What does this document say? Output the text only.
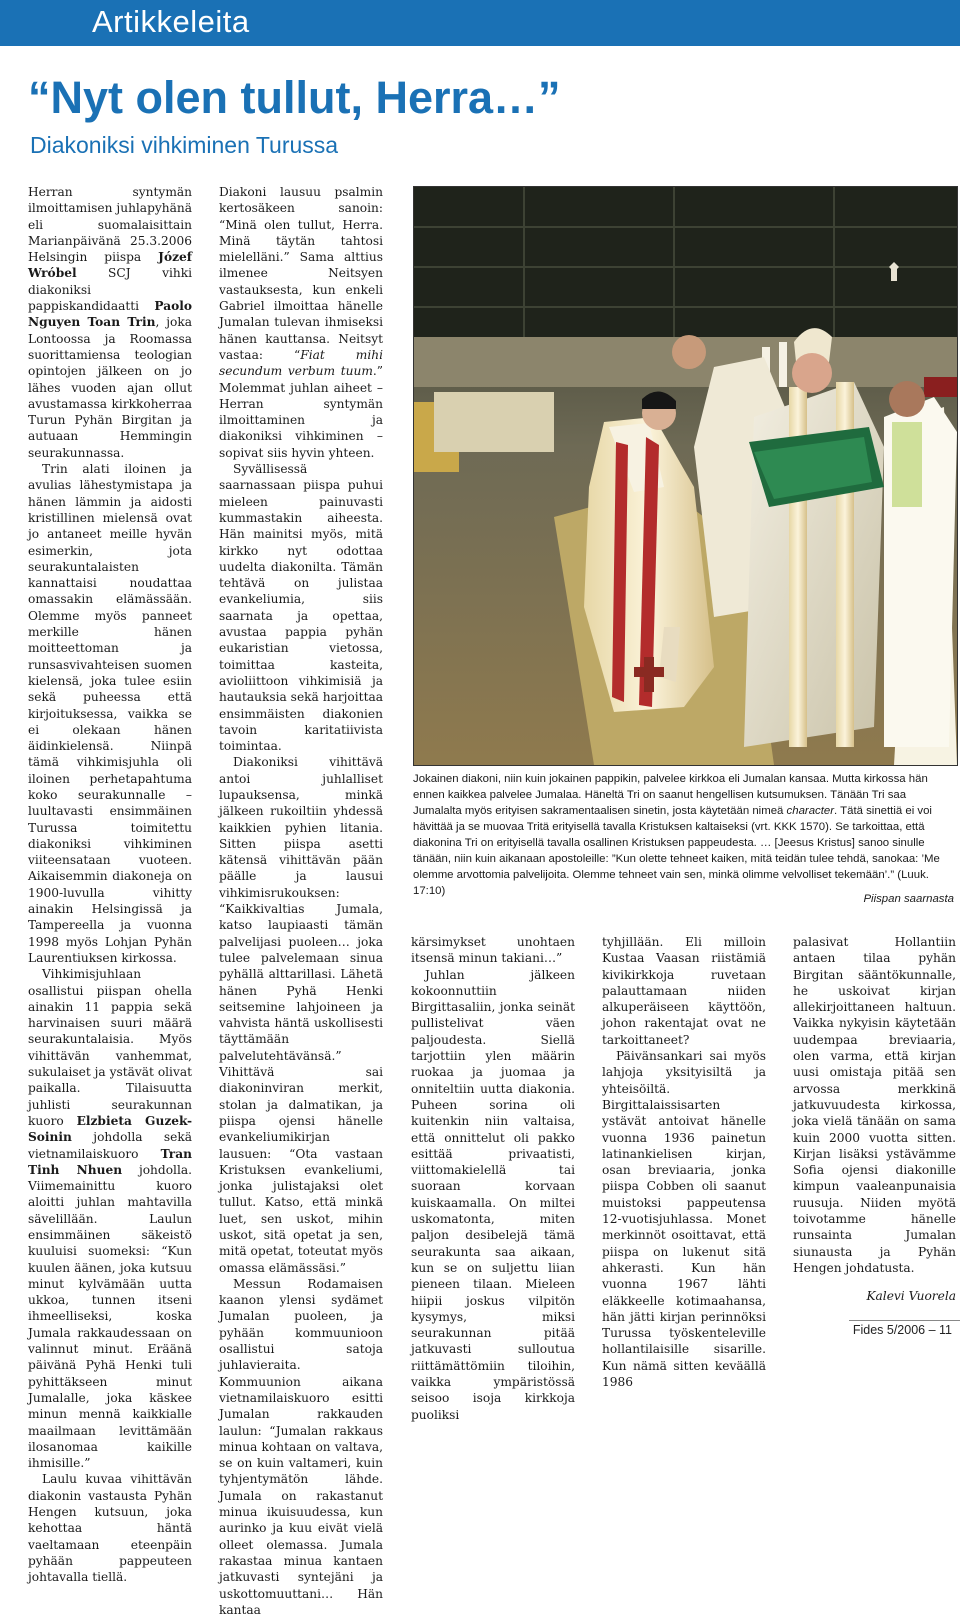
Artikkeleita
“Nyt olen tullut, Herra…”
Diakoniksi vihkiminen Turussa

Herran syntymän ilmoittamisen juhlapyhänä eli suomalaisittain Marianpäivänä 25.3.2006 Helsingin piispa Józef Wróbel SCJ vihki diakoniksi pappiskandidaatti Paolo Nguyen Toan Trin, joka Lontoossa ja Roomassa suorittamiensa teologian opintojen jälkeen on jo lähes vuoden ajan ollut avustamassa kirkkoherraa Turun Pyhän Birgitan ja autuaan Hemmingin seurakunnassa.

Trin alati iloinen ja avulias lähestymistapa ja hänen lämmin ja aidosti kristillinen mielensä ovat jo antaneet meille hyvän esimerkin, jota seurakuntalaisten kannattaisi noudattaa omassakin elämässään. Olemme myös panneet merkille hänen moitteettoman ja runsasvivahteisen suomen kielensä, joka tulee esiin sekä puheessa että kirjoituksessa, vaikka se ei olekaan hänen äidinkielensä. Niinpä tämä vihkimisjuhla oli iloinen perhetapahtuma koko seurakunnalle – luultavasti ensimmäinen Turussa toimitettu diakoniksi vihkiminen viiteensataan vuoteen. Aikaisemmin diakoneja on 1900-luvulla vihitty ainakin Helsingissä ja Tampereella ja vuonna 1998 myös Lohjan Pyhän Laurentiuksen kirkossa.

Vihkimisjuhlaan osallistui piispan ohella ainakin 11 pappia sekä harvinaisen suuri määrä seurakuntalaisia. Myös vihittävän vanhemmat, sukulaiset ja ystävät olivat paikalla. Tilaisuutta juhlisti seurakunnan kuoro Elzbieta Guzek-Soinin johdolla sekä vietnamilaiskuoro Tran Tinh Nhuen johdolla. Viimemainittu kuoro aloitti juhlan mahtavilla sävelillään. Laulun ensimmäinen säkeistö kuuluisi suomeksi: “Kun kuulen äänen, joka kutsuu minut kylvämään uutta ukkoa, tunnen itseni ihmeelliseksi, koska Jumala rakkaudessaan on valinnut minut. Eräänä päivänä Pyhä Henki tuli pyhittäkseen minut Jumalalle, joka käskee minun mennä kaikkialle maailmaan levittämään ilosanomaa kaikille ihmisille.”

Laulu kuvaa vihittävän diakonin vastausta Pyhän Hengen kutsuun, joka kehottaa häntä vaeltamaan eteenpäin pyhään pappeuteen johtavalla tiellä.

Diakoni lausuu psalmin kertosäkeen sanoin: “Minä olen tullut, Herra. Minä täytän tahtosi mielelläni.” Sama alttius ilmenee Neitsyen vastauksesta, kun enkeli Gabriel ilmoittaa hänelle Jumalan tulevan ihmiseksi hänen kauttansa. Neitsyt vastaa: “Fiat mihi secundum verbum tuum.” Molemmat juhlan aiheet – Herran syntymän ilmoittaminen ja diakoniksi vihkiminen – sopivat siis hyvin yhteen.

Syvällisessä saarnassaan piispa puhui mieleen painuvasti kummastakin aiheesta. Hän mainitsi myös, mitä kirkko nyt odottaa uudelta diakonilta. Tämän tehtävä on julistaa evankeliumia, siis saarnata ja opettaa, avustaa pappia pyhän eukaristian vietossa, toimittaa kasteita, avioliittoon vihkimisiä ja hautauksia sekä harjoittaa ensimmäisten diakonien tavoin karitatiivista toimintaa.

Diakoniksi vihittävä antoi juhlalliset lupauksensa, minkä jälkeen rukoiltiin yhdessä kaikkien pyhien litania. Sitten piispa asetti kätensä vihittävän pään päälle ja lausui vihkimisrukouksen: “Kaikkivaltias Jumala, katso laupiaasti tämän palvelijasi puoleen… joka tulee palvelemaan sinua pyhällä alttarillasi. Lähetä hänen Pyhä Henki seitsemine lahjoineen ja vahvista häntä uskollisesti täyttämään palvelutehtävänsä.” Vihittävä sai diakoninviran merkit, stolan ja dalmatikan, ja piispa ojensi hänelle evankeliumikirjan lausuen: “Ota vastaan Kristuksen evankeliumi, jonka julistajaksi olet tullut. Katso, että minkä luet, sen uskot, mihin uskot, sitä opetat ja sen, mitä opetat, toteutat myös omassa elämässäsi.”

Messun Rodamaisen kaanon ylensi sydämet Jumalan puoleen, ja pyhään kommuunioon osallistui satoja juhlavieraita. Kommuunion aikana vietnamilaiskuoro esitti Jumalan rakkauden laulun: “Jumalan rakkaus minua kohtaan on valtava, se on kuin valtameri, kuin tyhjentymätön lähde. Jumala on rakastanut minua ikuisuudessa, kun aurinko ja kuu eivät vielä olleet olemassa. Jumala rakastaa minua kantaen jatkuvasti syntejäni ja uskottomuuttani… Hän kantaa

Jokainen diakoni, niin kuin jokainen pappikin, palvelee kirkkoa eli Jumalan kansaa. Mutta kirkossa hän ennen kaikkea palvelee Jumalaa. Häneltä Tri on saanut hengellisen kutsumuksen. Tänään Tri saa Jumalalta myös erityisen sakramentaalisen sinetin, josta käytetään nimeä character. Tätä sinettiä ei voi hävittää ja se muovaa Tritä erityisellä tavalla Kristuksen kaltaiseksi (vrt. KKK 1570). Se tarkoittaa, että diakonina Tri on erityisellä tavalla osallinen Kristuksen pappeudesta. … [Jeesus Kristus] sanoo sinulle tänään, niin kuin aikanaan apostoleille: ”Kun olette tehneet kaiken, mitä teidän tulee tehdä, sanokaa: ’Me olemme arvottomia palvelijoita. Olemme tehneet vain sen, minkä olimme velvolliset tekemään’.” (Luuk. 17:10)
Piispan saarnasta

kärsimykset unohtaen itsensä minun takiani…”

Juhlan jälkeen kokoonnuttiin Birgittasaliin, jonka seinät pullistelivat väen paljoudesta. Siellä tarjottiin ylen määrin ruokaa ja juomaa ja onniteltiin uutta diakonia. Puheen sorina oli kuitenkin niin valtaisa, että onnittelut oli pakko esittää privaatisti, viittomakielellä tai suoraan korvaan kuiskaamalla. On miltei uskomatonta, miten paljon desibelejä tämä seurakunta saa aikaan, kun se on suljettu liian pieneen tilaan. Mieleen hiipii joskus vilpitön kysymys, miksi seurakunnan pitää jatkuvasti sulloutua riittämättömiin tiloihin, vaikka ympäristössä seisoo isoja kirkkoja puoliksi

tyhjillään. Eli milloin Kustaa Vaasan riistämiä kivikirkkoja ruvetaan palauttamaan niiden alkuperäiseen käyttöön, johon rakentajat ovat ne tarkoittaneet?

Päivänsankari sai myös lahjoja yksityisiltä ja yhteisöiltä. Birgittalaissisarten ystävät antoivat hänelle vuonna 1936 painetun latinankielisen kirjan, osan breviaaria, jonka piispa Cobben oli saanut muistoksi pappeutensa 12-vuotisjuhlassa. Monet merkinnöt osoittavat, että piispa on lukenut sitä ahkerasti. Kun hän vuonna 1967 lähti eläkkeelle kotimaahansa, hän jätti kirjan perinnöksi Turussa työskenteleville hollantilaisille sisarille. Kun nämä sitten keväällä 1986

palasivat Hollantiin antaen tilaa pyhän Birgitan sääntökunnalle, he uskoivat kirjan allekirjoittaneen haltuun. Vaikka nykyisin käytetään uudempaa breviaaria, olen varma, että kirjan uusi omistaja pitää sen arvossa merkkinä jatkuvuudesta kirkossa, joka vielä tänään on sama kuin 2000 vuotta sitten. Kirjan lisäksi ystävämme Sofia ojensi diakonille kimpun vaaleanpunaisia ruusuja. Niiden myötä toivotamme hänelle runsainta Jumalan siunausta ja Pyhän Hengen johdatusta.

Kalevi Vuorela
Fides 5/2006 – 11
